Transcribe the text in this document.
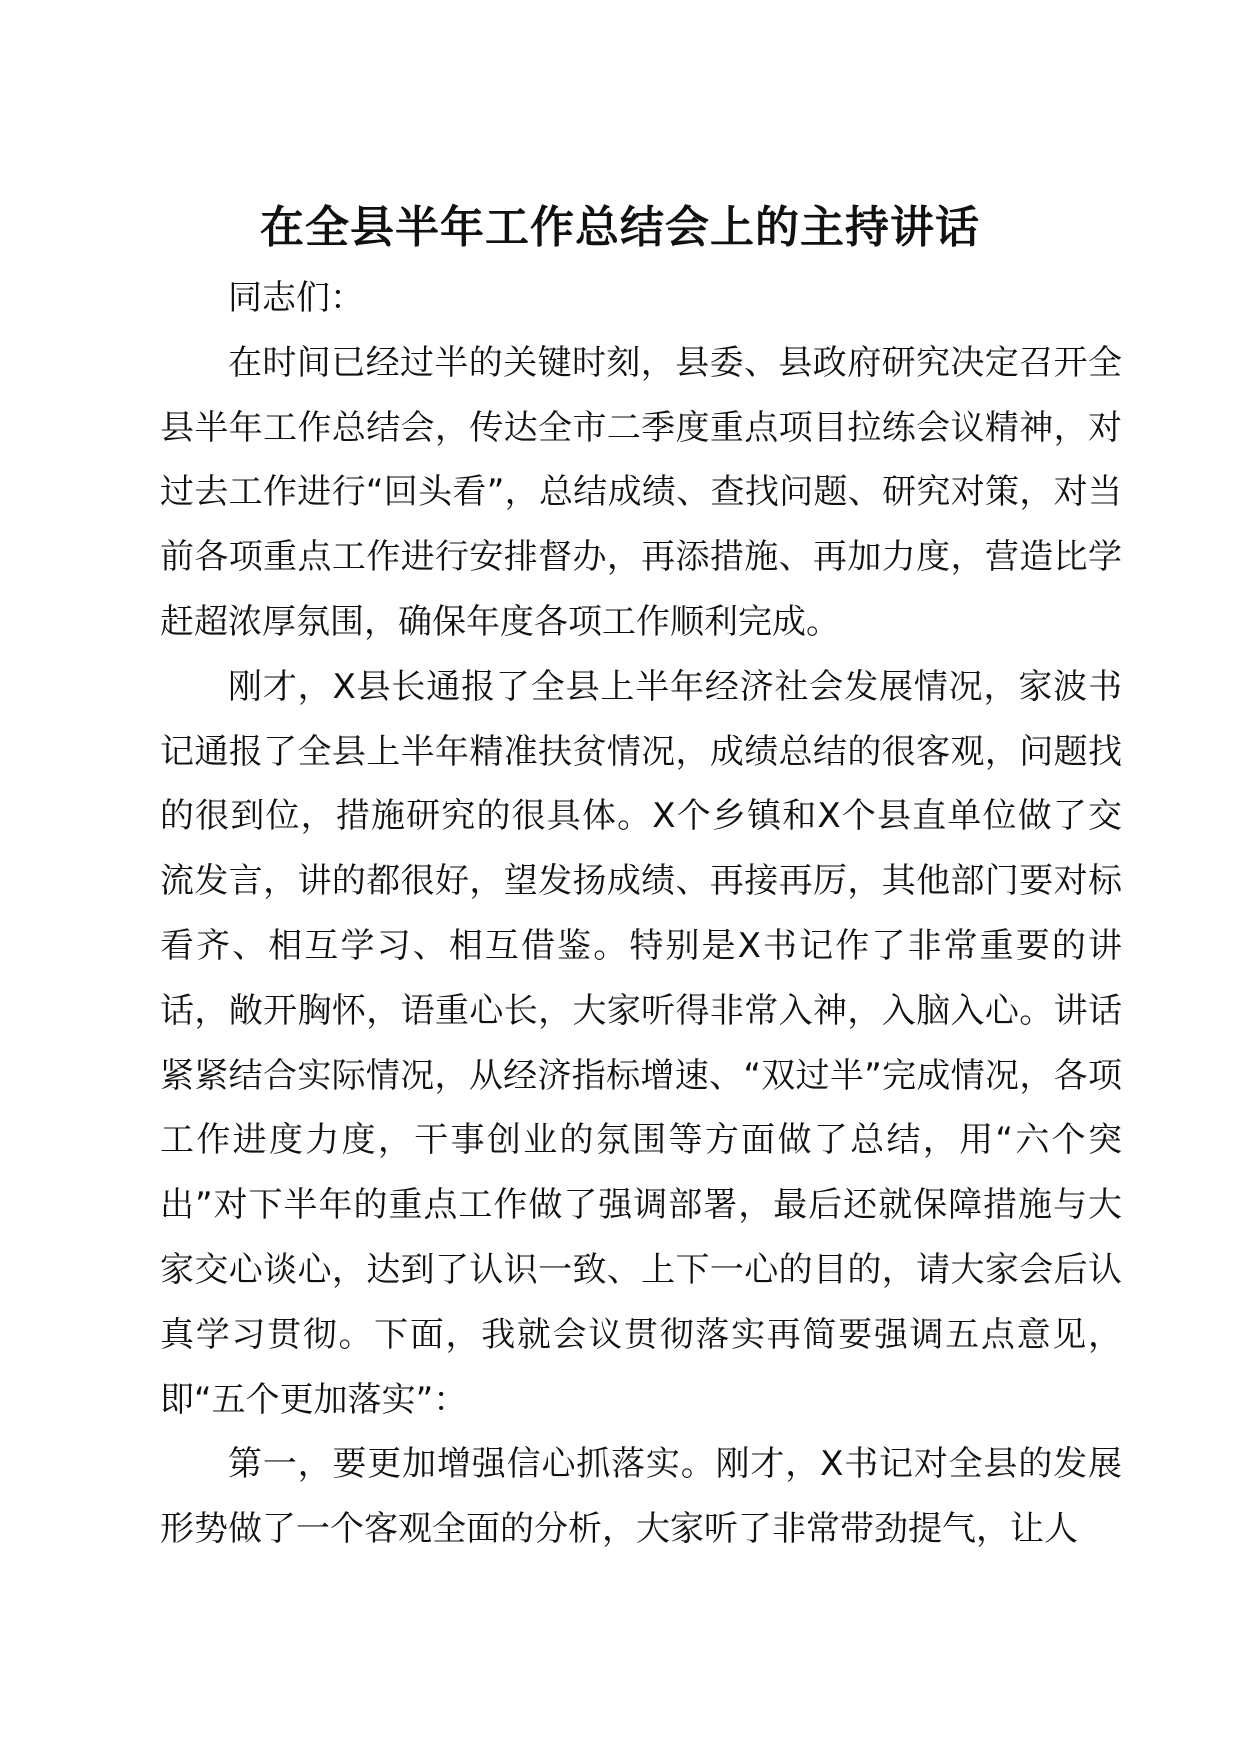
在全县半年工作总结会上的主持讲话

同志们：

在时间已经过半的关键时刻，县委、县政府研究决定召开全县半年工作总结会，传达全市二季度重点项目拉练会议精神，对过去工作进行“回头看”，总结成绩、查找问题、研究对策，对当前各项重点工作进行安排督办，再添措施、再加力度，营造比学赶超浓厚氛围，确保年度各项工作顺利完成。

刚才，X县长通报了全县上半年经济社会发展情况，家波书记通报了全县上半年精准扶贫情况，成绩总结的很客观，问题找的很到位，措施研究的很具体。X个乡镇和X个县直单位做了交流发言，讲的都很好，望发扬成绩、再接再厉，其他部门要对标看齐、相互学习、相互借鉴。特别是X书记作了非常重要的讲话，敞开胸怀，语重心长，大家听得非常入神，入脑入心。讲话紧紧结合实际情况，从经济指标增速、“双过半”完成情况，各项工作进度力度，干事创业的氛围等方面做了总结，用“六个突出”对下半年的重点工作做了强调部署，最后还就保障措施与大家交心谈心，达到了认识一致、上下一心的目的，请大家会后认真学习贯彻。下面，我就会议贯彻落实再简要强调五点意见，即“五个更加落实”：

第一，要更加增强信心抓落实。刚才，X书记对全县的发展形势做了一个客观全面的分析，大家听了非常带劲提气，让人
